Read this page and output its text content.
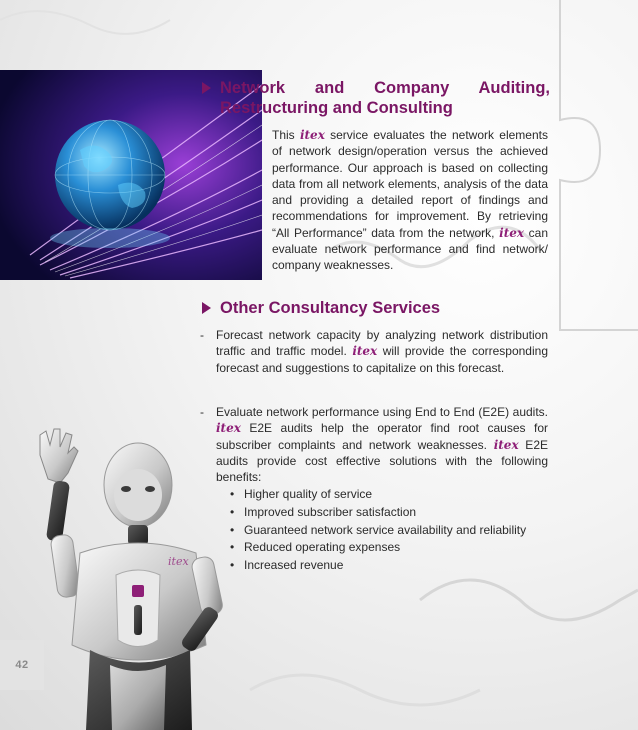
itex
42
Network and Company Auditing, Restructuring and Consulting

This itex service evaluates the network elements of network design/operation versus the achieved performance. Our approach is based on collecting data from all network elements, analysis of the data and providing a detailed report of findings and recommendations for improvement. By retrieving “All Performance” data from the network, itex can evaluate network performance and find network/ company weaknesses.

Other Consultancy Services
-	Forecast network capacity by analyzing network distribution traffic and traffic model. itex will provide the corresponding forecast and suggestions to capitalize on this forecast.
-	Evaluate network performance using End to End (E2E) audits. itex E2E audits help the operator find root causes for subscriber complaints and network weaknesses. itex E2E audits provide cost effective solutions with the following benefits:
• Higher quality of service
• Improved subscriber satisfaction
• Guaranteed network service availability and reliability
• Reduced operating expenses
• Increased revenue
